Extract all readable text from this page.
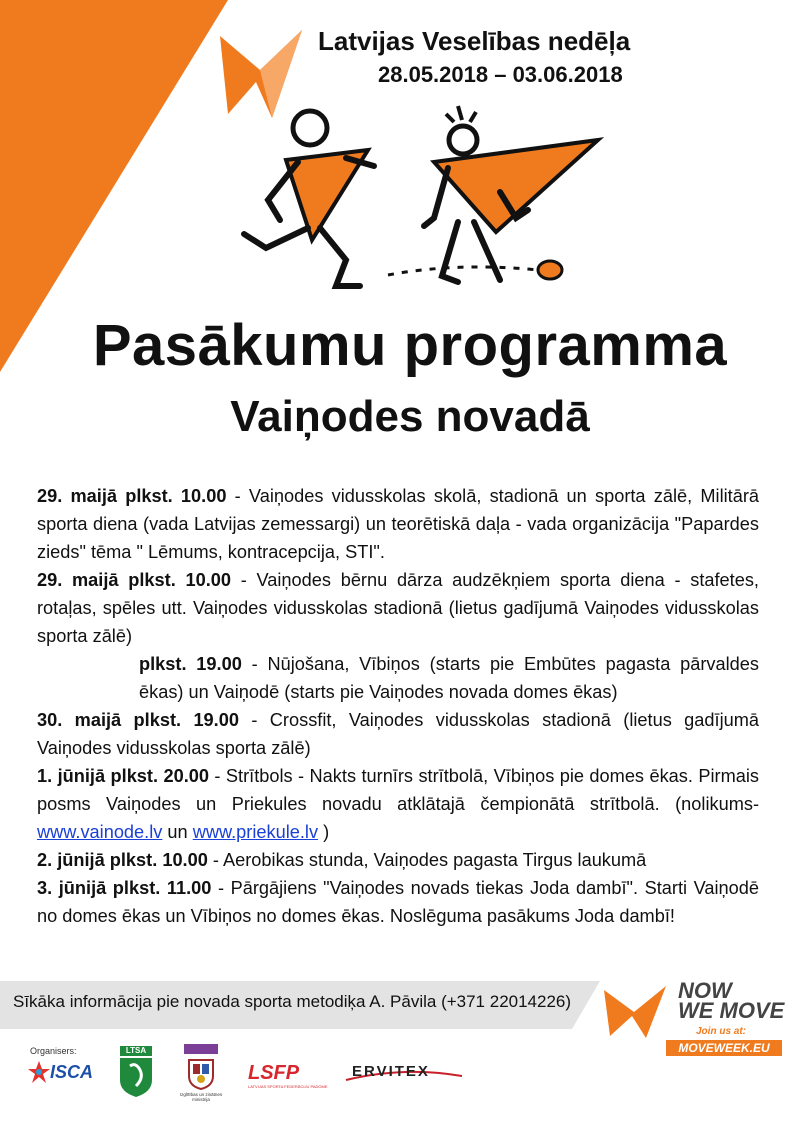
Latvijas Veselības nedēļa
28.05.2018 – 03.06.2018
Pasākumu programma
Vaiņodes novadā

29. maijā plkst. 10.00 - Vaiņodes vidusskolas skolā, stadionā un sporta zālē, Militārā sporta diena (vada Latvijas zemessargi) un teorētiskā daļa - vada organizācija "Papardes zieds" tēma " Lēmums, kontracepcija, STI".

29. maijā plkst. 10.00 - Vaiņodes bērnu dārza audzēkņiem sporta diena - stafetes, rotaļas, spēles utt. Vaiņodes vidusskolas stadionā (lietus gadījumā Vaiņodes vidusskolas sporta zālē)

plkst. 19.00 - Nūjošana, Vībiņos (starts pie Embūtes pagasta pārvaldes ēkas) un Vaiņodē (starts pie Vaiņodes novada domes ēkas)

30. maijā plkst. 19.00 - Crossfit, Vaiņodes vidusskolas stadionā (lietus gadījumā Vaiņodes vidusskolas sporta zālē)

1. jūnijā plkst. 20.00 - Strītbols - Nakts turnīrs strītbolā, Vībiņos pie domes ēkas. Pirmais posms Vaiņodes un Priekules novadu atklātajā čempionātā strītbolā. (nolikums- www.vainode.lv un www.priekule.lv )

2. jūnijā plkst. 10.00 - Aerobikas stunda, Vaiņodes pagasta Tirgus laukumā

3. jūnijā plkst. 11.00 - Pārgājiens "Vaiņodes novads tiekas Joda dambī". Starti Vaiņodē no domes ēkas un Vībiņos no domes ēkas. Noslēguma pasākums Joda dambī!

Sīkāka informācija pie novada sporta metodiķa A. Pāvila (+371 22014226)	NOW
WE MOVE
Join us at:
MOVEWEEK.EU
Organisers:
ISCA
LTSA
Izglītības un zinātnes ministrija
LSFP
LATVIJAS SPORTA FEDERĀCIJU PADOME
ERVITEX
